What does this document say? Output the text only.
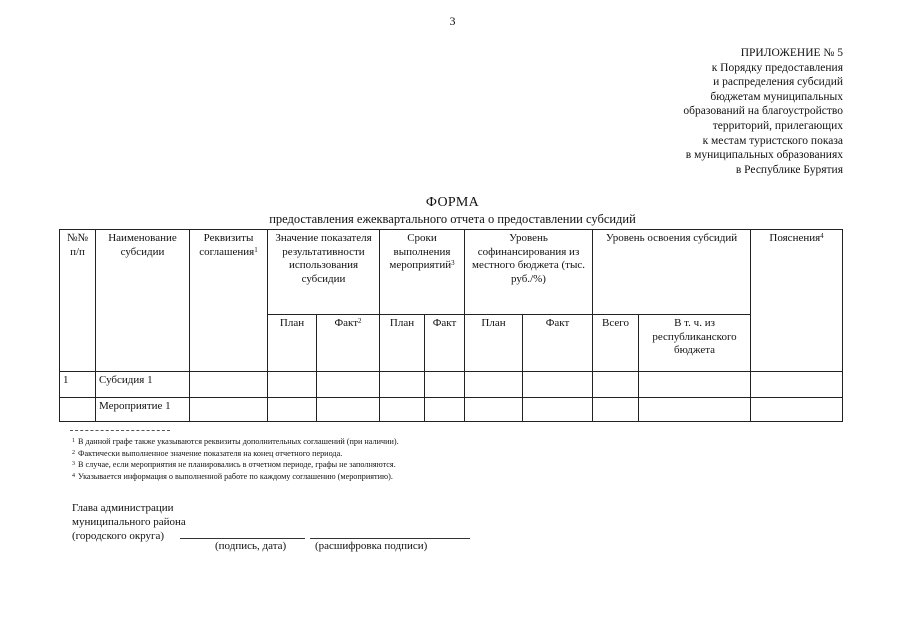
3
ПРИЛОЖЕНИЕ № 5
к Порядку предоставления
и распределения субсидий
бюджетам муниципальных
образований на благоустройство
территорий, прилегающих
к местам туристского показа
в муниципальных образованиях
в Республике Бурятия
ФОРМА
предоставления ежеквартального отчета о предоставлении субсидий
№№ п/п	Наименование субсидии	Реквизиты соглашения$^1$	Значение показателя результативности использования субсидии		Сроки выполнения мероприятий$^3$		Уровень софинансирования из местного бюджета (тыс. руб./%)		Уровень освоения субсидий		Пояснения$^4$
			План	Факт$^2$	План	Факт	План	Факт	Всего	В т. ч. из республиканского бюджета	
1	Субсидия 1										
	Мероприятие 1										
$^1$ В данной графе также указываются реквизиты дополнительных соглашений (при наличии).
$^2$ Фактически выполненное значение показателя на конец отчетного периода.
$^3$ В случае, если мероприятия не планировались в отчетном периоде, графы не заполняются.
$^4$ Указывается информация о выполненной работе по каждому соглашению (мероприятию).
Глава администрации
муниципального района
(городского округа)
(подпись, дата)	(расшифровка подписи)
